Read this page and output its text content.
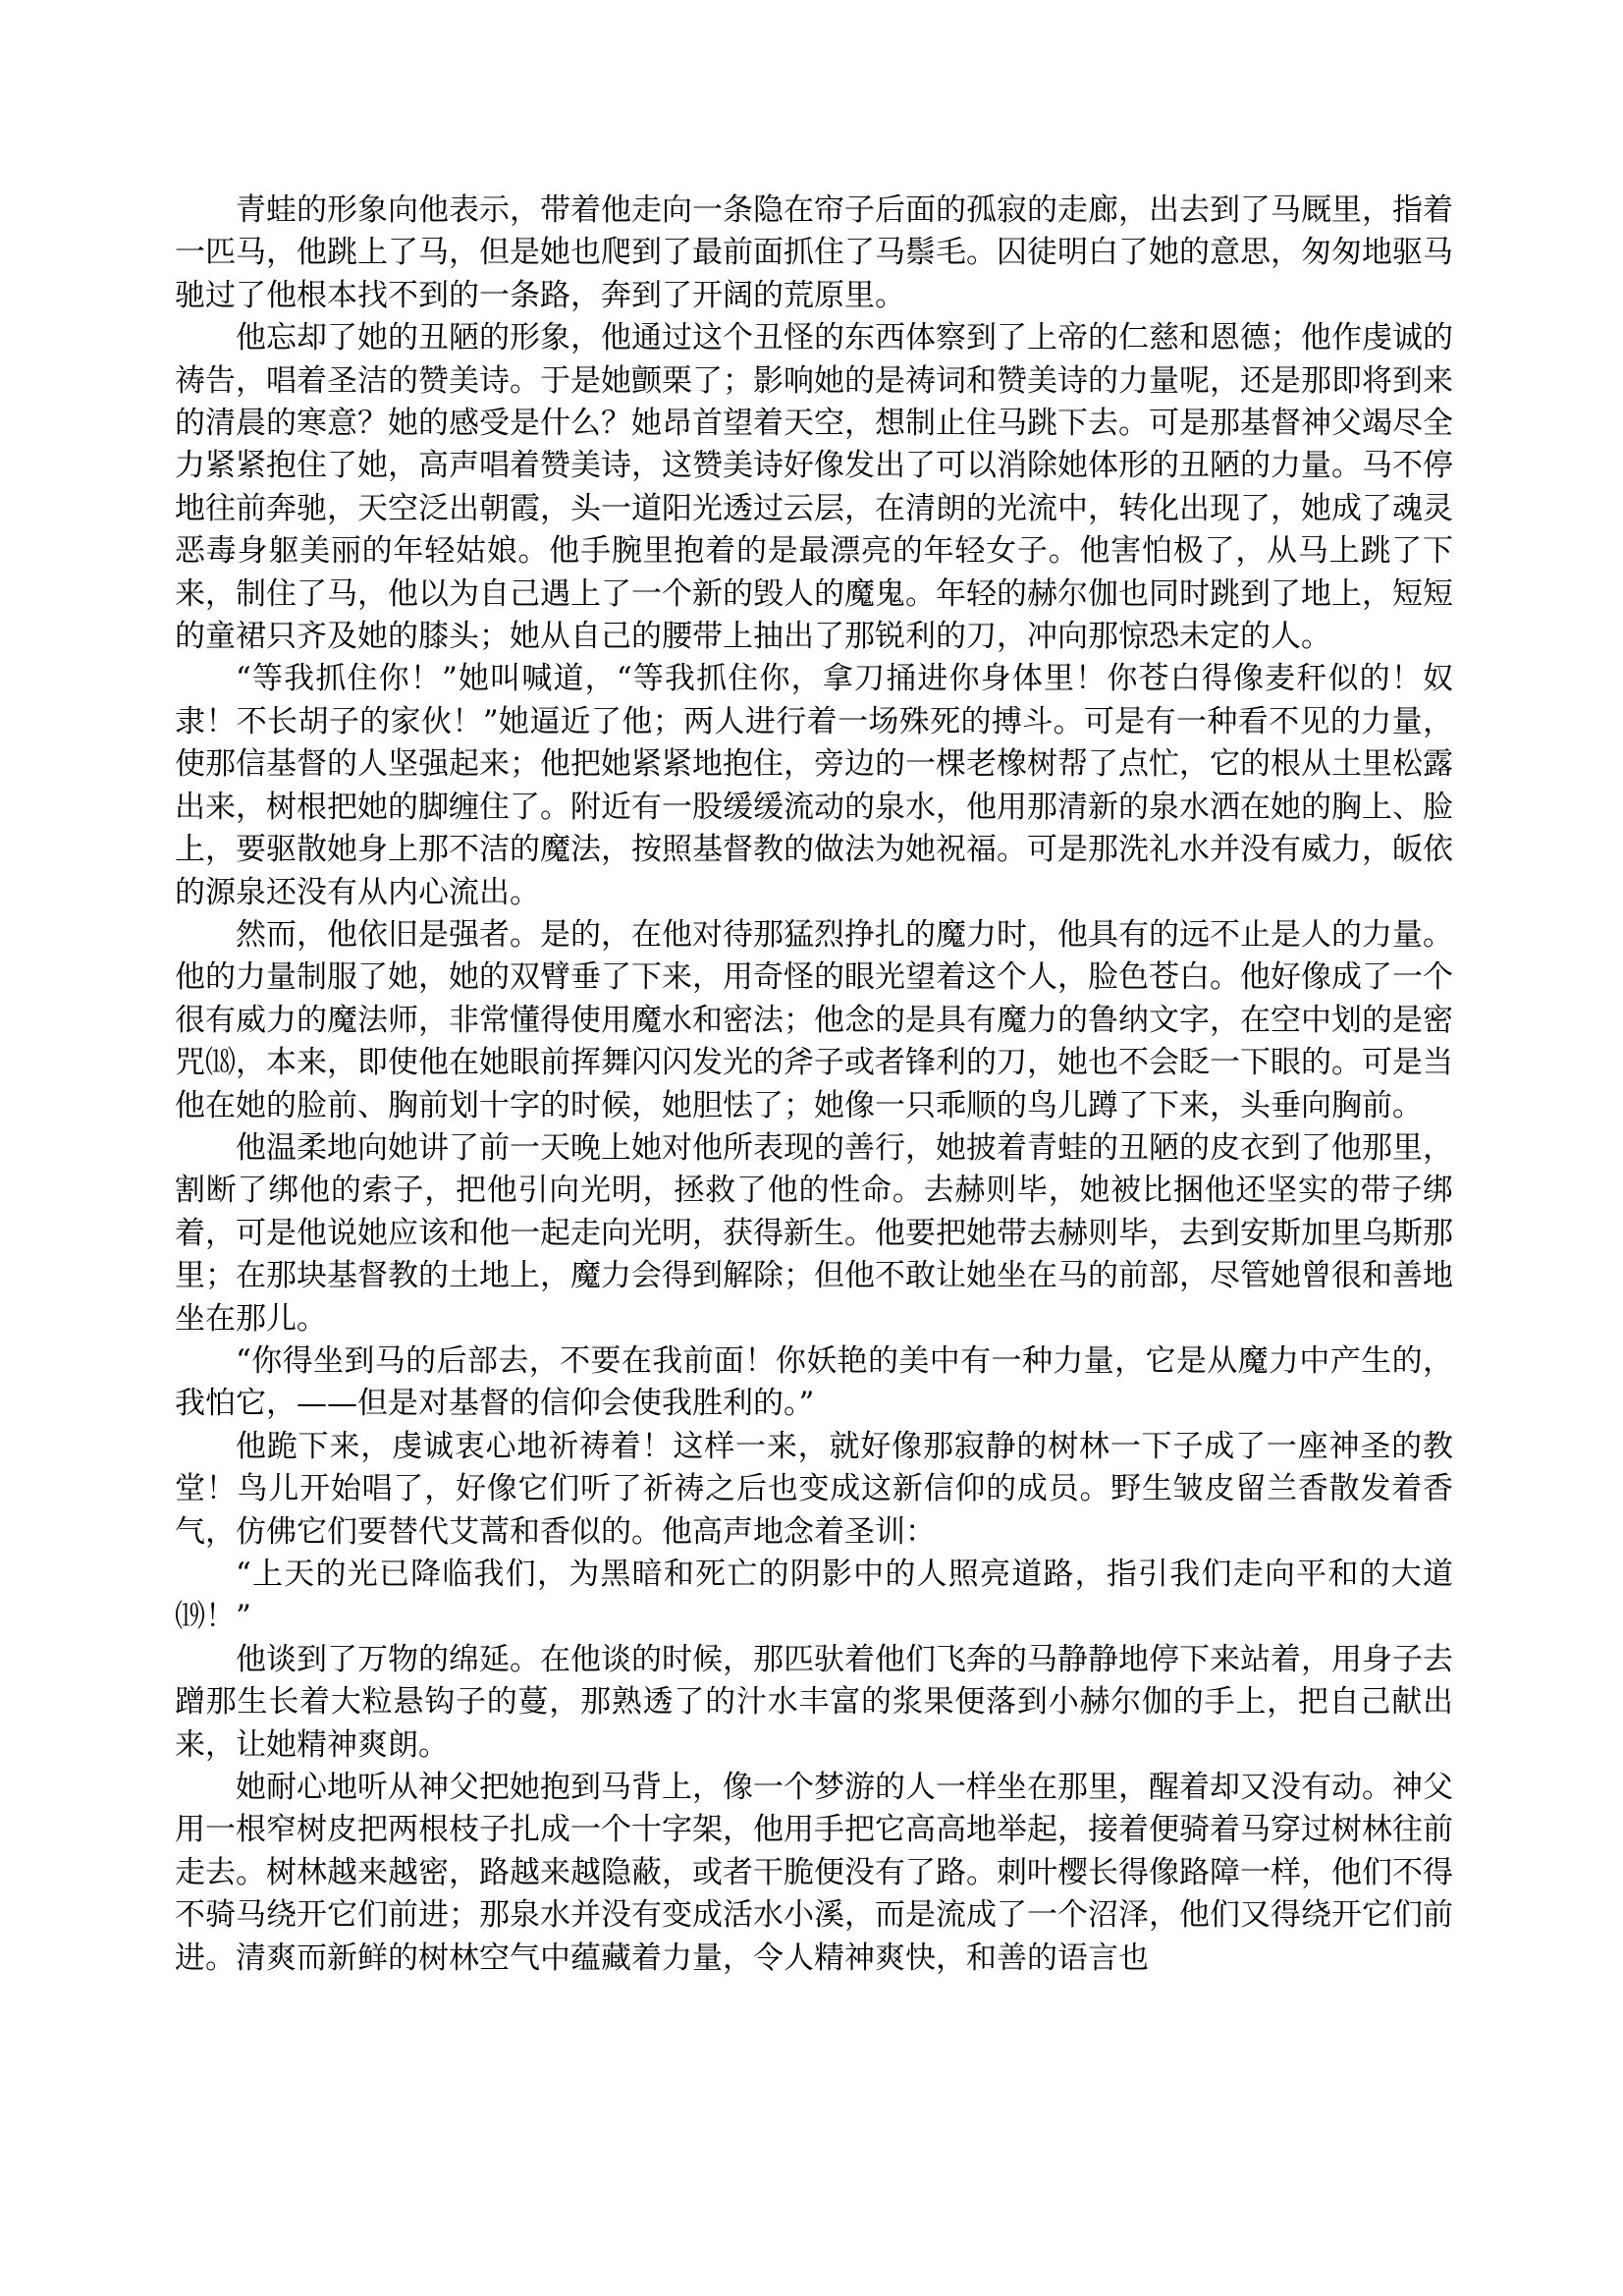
青蛙的形象向他表示，带着他走向一条隐在帘子后面的孤寂的走廊，出去到了马厩里，指着一匹马，他跳上了马，但是她也爬到了最前面抓住了马鬃毛。囚徒明白了她的意思，匆匆地驱马驰过了他根本找不到的一条路，奔到了开阔的荒原里。

他忘却了她的丑陋的形象，他通过这个丑怪的东西体察到了上帝的仁慈和恩德；他作虔诚的祷告，唱着圣洁的赞美诗。于是她颤栗了；影响她的是祷词和赞美诗的力量呢，还是那即将到来的清晨的寒意？她的感受是什么？她昂首望着天空，想制止住马跳下去。可是那基督神父竭尽全力紧紧抱住了她，高声唱着赞美诗，这赞美诗好像发出了可以消除她体形的丑陋的力量。马不停地往前奔驰，天空泛出朝霞，头一道阳光透过云层，在清朗的光流中，转化出现了，她成了魂灵恶毒身躯美丽的年轻姑娘。他手腕里抱着的是最漂亮的年轻女子。他害怕极了，从马上跳了下来，制住了马，他以为自己遇上了一个新的毁人的魔鬼。年轻的赫尔伽也同时跳到了地上，短短的童裙只齐及她的膝头；她从自己的腰带上抽出了那锐利的刀，冲向那惊恐未定的人。

“等我抓住你！”她叫喊道，“等我抓住你，拿刀捅进你身体里！你苍白得像麦秆似的！奴隶！不长胡子的家伙！”她逼近了他；两人进行着一场殊死的搏斗。可是有一种看不见的力量，使那信基督的人坚强起来；他把她紧紧地抱住，旁边的一棵老橡树帮了点忙，它的根从土里松露出来，树根把她的脚缠住了。附近有一股缓缓流动的泉水，他用那清新的泉水洒在她的胸上、脸上，要驱散她身上那不洁的魔法，按照基督教的做法为她祝福。可是那洗礼水并没有威力，皈依的源泉还没有从内心流出。

然而，他依旧是强者。是的，在他对待那猛烈挣扎的魔力时，他具有的远不止是人的力量。他的力量制服了她，她的双臂垂了下来，用奇怪的眼光望着这个人，脸色苍白。他好像成了一个很有威力的魔法师，非常懂得使用魔水和密法；他念的是具有魔力的鲁纳文字，在空中划的是密咒⒅，本来，即使他在她眼前挥舞闪闪发光的斧子或者锋利的刀，她也不会眨一下眼的。可是当他在她的脸前、胸前划十字的时候，她胆怯了；她像一只乖顺的鸟儿蹲了下来，头垂向胸前。

他温柔地向她讲了前一天晚上她对他所表现的善行，她披着青蛙的丑陋的皮衣到了他那里，割断了绑他的索子，把他引向光明，拯救了他的性命。去赫则毕，她被比捆他还坚实的带子绑着，可是他说她应该和他一起走向光明，获得新生。他要把她带去赫则毕，去到安斯加里乌斯那里；在那块基督教的土地上，魔力会得到解除；但他不敢让她坐在马的前部，尽管她曾很和善地坐在那儿。

“你得坐到马的后部去，不要在我前面！你妖艳的美中有一种力量，它是从魔力中产生的，我怕它，——但是对基督的信仰会使我胜利的。”

他跪下来，虔诚衷心地祈祷着！这样一来，就好像那寂静的树林一下子成了一座神圣的教堂！鸟儿开始唱了，好像它们听了祈祷之后也变成这新信仰的成员。野生皱皮留兰香散发着香气，仿佛它们要替代艾蒿和香似的。他高声地念着圣训：

“上天的光已降临我们，为黑暗和死亡的阴影中的人照亮道路，指引我们走向平和的大道⒆！”

他谈到了万物的绵延。在他谈的时候，那匹驮着他们飞奔的马静静地停下来站着，用身子去蹭那生长着大粒悬钩子的蔓，那熟透了的汁水丰富的浆果便落到小赫尔伽的手上，把自己献出来，让她精神爽朗。

她耐心地听从神父把她抱到马背上，像一个梦游的人一样坐在那里，醒着却又没有动。神父用一根窄树皮把两根枝子扎成一个十字架，他用手把它高高地举起，接着便骑着马穿过树林往前走去。树林越来越密，路越来越隐蔽，或者干脆便没有了路。刺叶樱长得像路障一样，他们不得不骑马绕开它们前进；那泉水并没有变成活水小溪，而是流成了一个沼泽，他们又得绕开它们前进。清爽而新鲜的树林空气中蕴藏着力量，令人精神爽快，和善的语言也
